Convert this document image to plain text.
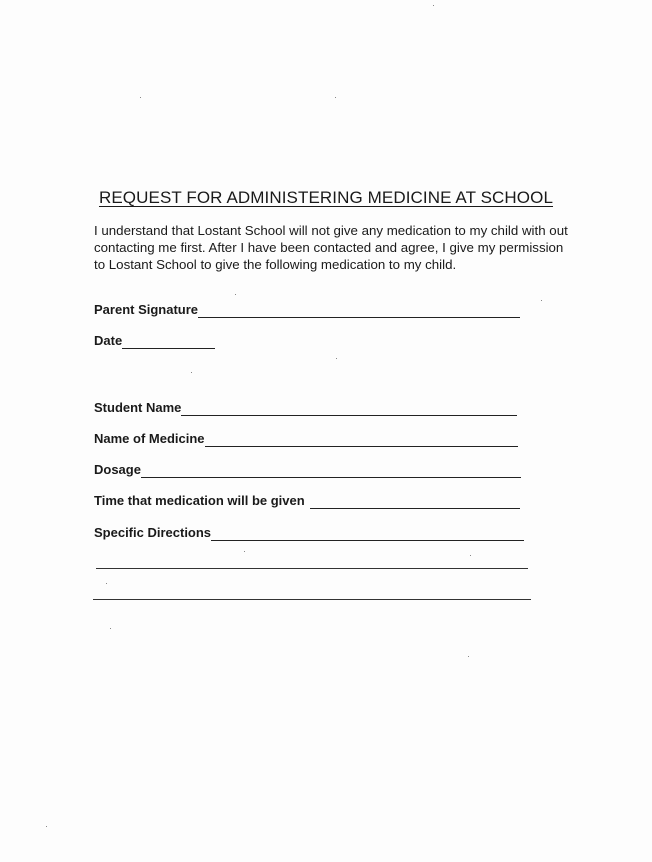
REQUEST FOR ADMINISTERING MEDICINE AT SCHOOL

I understand that Lostant School will not give any medication to my child with out
contacting me first. After I have been contacted and agree, I give my permission
to Lostant School to give the following medication to my child.

Parent Signature
Date
Student Name
Name of Medicine
Dosage
Time that medication will be given
Specific Directions
